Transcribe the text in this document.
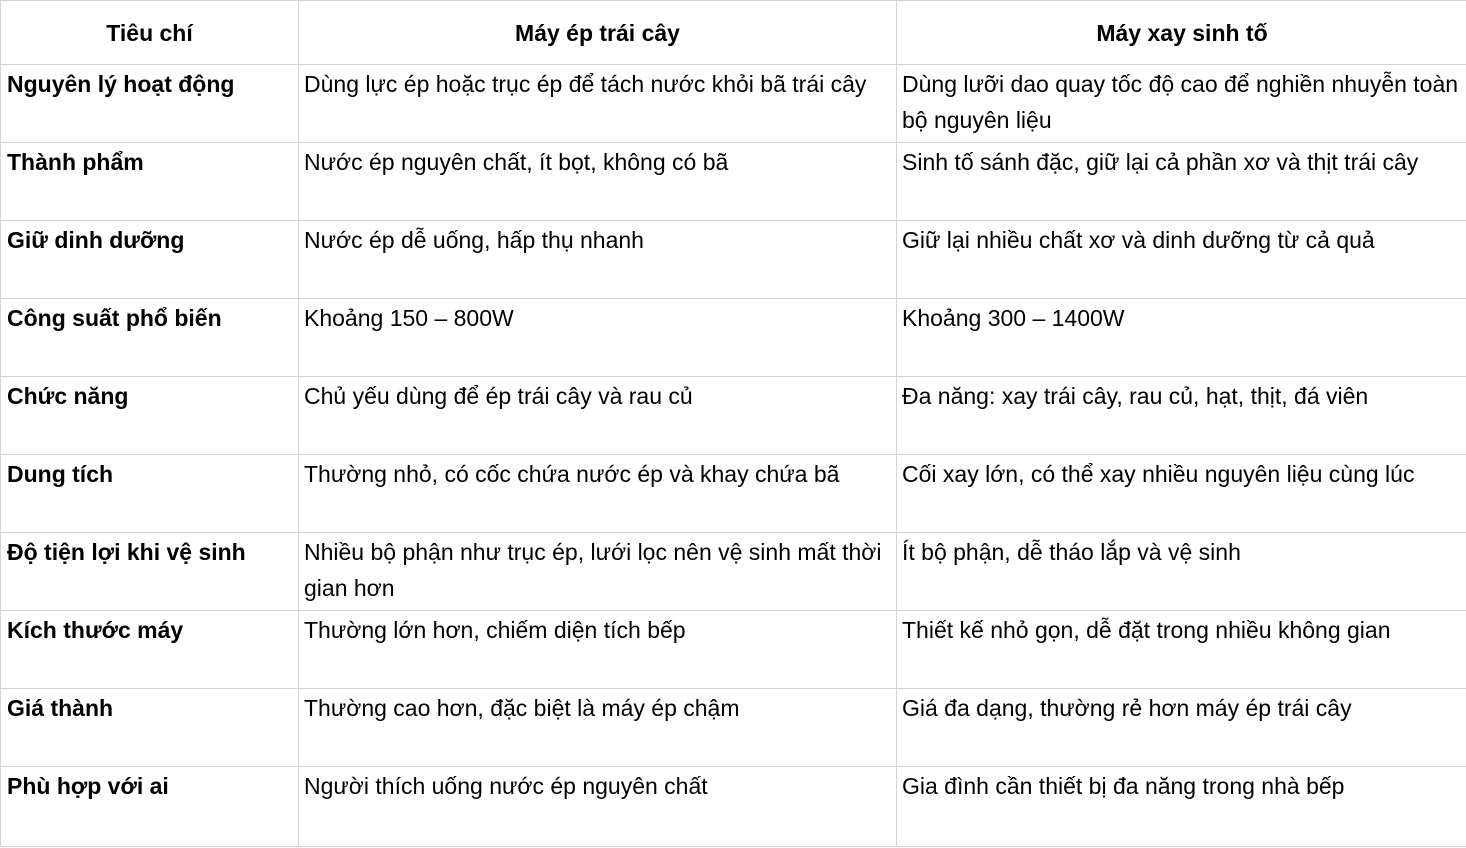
Tiêu chí	Máy ép trái cây	Máy xay sinh tố
Nguyên lý hoạt động	Dùng lực ép hoặc trục ép để tách nước khỏi bã trái cây	Dùng lưỡi dao quay tốc độ cao để nghiền nhuyễn toàn bộ nguyên liệu
Thành phẩm	Nước ép nguyên chất, ít bọt, không có bã	Sinh tố sánh đặc, giữ lại cả phần xơ và thịt trái cây
Giữ dinh dưỡng	Nước ép dễ uống, hấp thụ nhanh	Giữ lại nhiều chất xơ và dinh dưỡng từ cả quả
Công suất phổ biến	Khoảng 150 – 800W	Khoảng 300 – 1400W
Chức năng	Chủ yếu dùng để ép trái cây và rau củ	Đa năng: xay trái cây, rau củ, hạt, thịt, đá viên
Dung tích	Thường nhỏ, có cốc chứa nước ép và khay chứa bã	Cối xay lớn, có thể xay nhiều nguyên liệu cùng lúc
Độ tiện lợi khi vệ sinh	Nhiều bộ phận như trục ép, lưới lọc nên vệ sinh mất thời gian hơn	Ít bộ phận, dễ tháo lắp và vệ sinh
Kích thước máy	Thường lớn hơn, chiếm diện tích bếp	Thiết kế nhỏ gọn, dễ đặt trong nhiều không gian
Giá thành	Thường cao hơn, đặc biệt là máy ép chậm	Giá đa dạng, thường rẻ hơn máy ép trái cây
Phù hợp với ai	Người thích uống nước ép nguyên chất	Gia đình cần thiết bị đa năng trong nhà bếp
